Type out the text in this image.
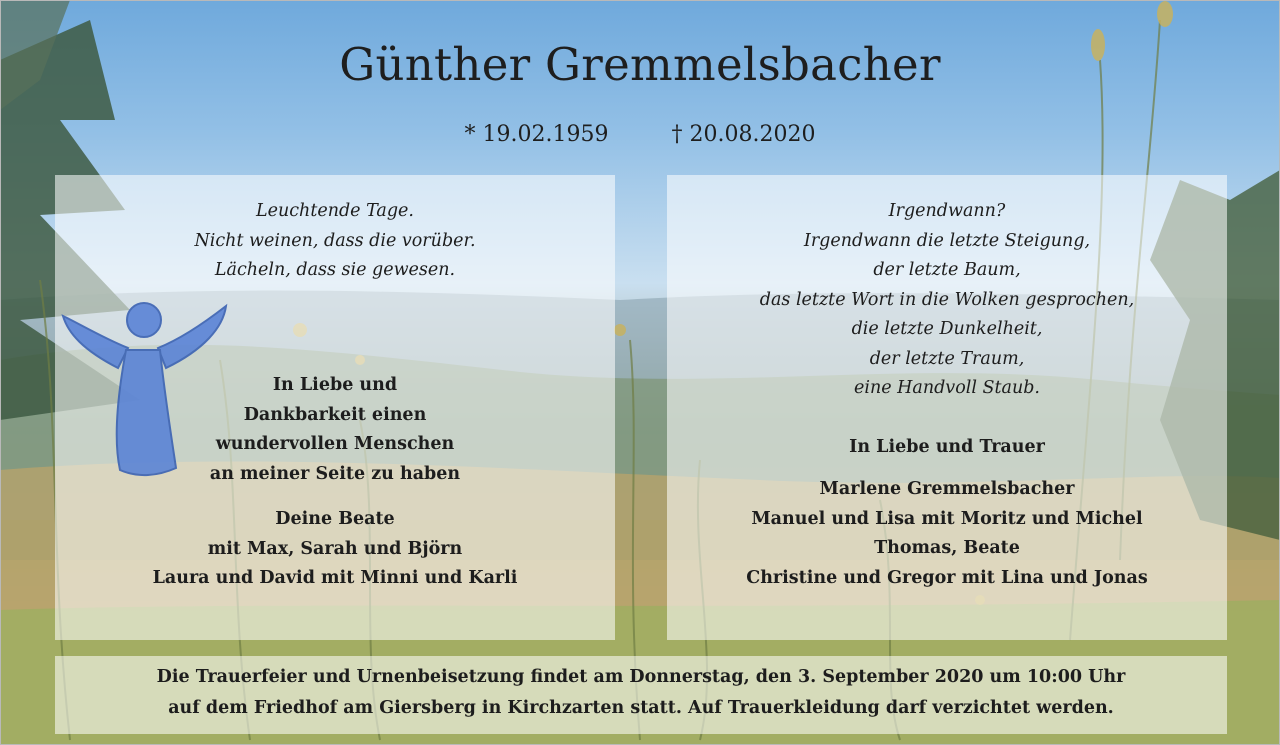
Leuchtende Tage.
Nicht weinen, dass die vorüber.
Lächeln, dass sie gewesen.
In Liebe und
Dankbarkeit einen
wundervollen Menschen
an meiner Seite zu haben
Deine Beate
mit Max, Sarah und Björn
Laura und David mit Minni und Karli
Irgendwann?
Irgendwann die letzte Steigung,
der letzte Baum,
das letzte Wort in die Wolken gesprochen,
die letzte Dunkelheit,
der letzte Traum,
eine Handvoll Staub.
In Liebe und Trauer
Marlene Gremmelsbacher
Manuel und Lisa mit Moritz und Michel
Thomas, Beate
Christine und Gregor mit Lina und Jonas
Die Trauerfeier und Urnenbeisetzung findet am Donnerstag, den 3. September 2020 um 10:00 Uhr
auf dem Friedhof am Giersberg in Kirchzarten statt. Auf Trauerkleidung darf verzichtet werden.
Günther Gremmelsbacher
* 19.02.1959	† 20.08.2020
